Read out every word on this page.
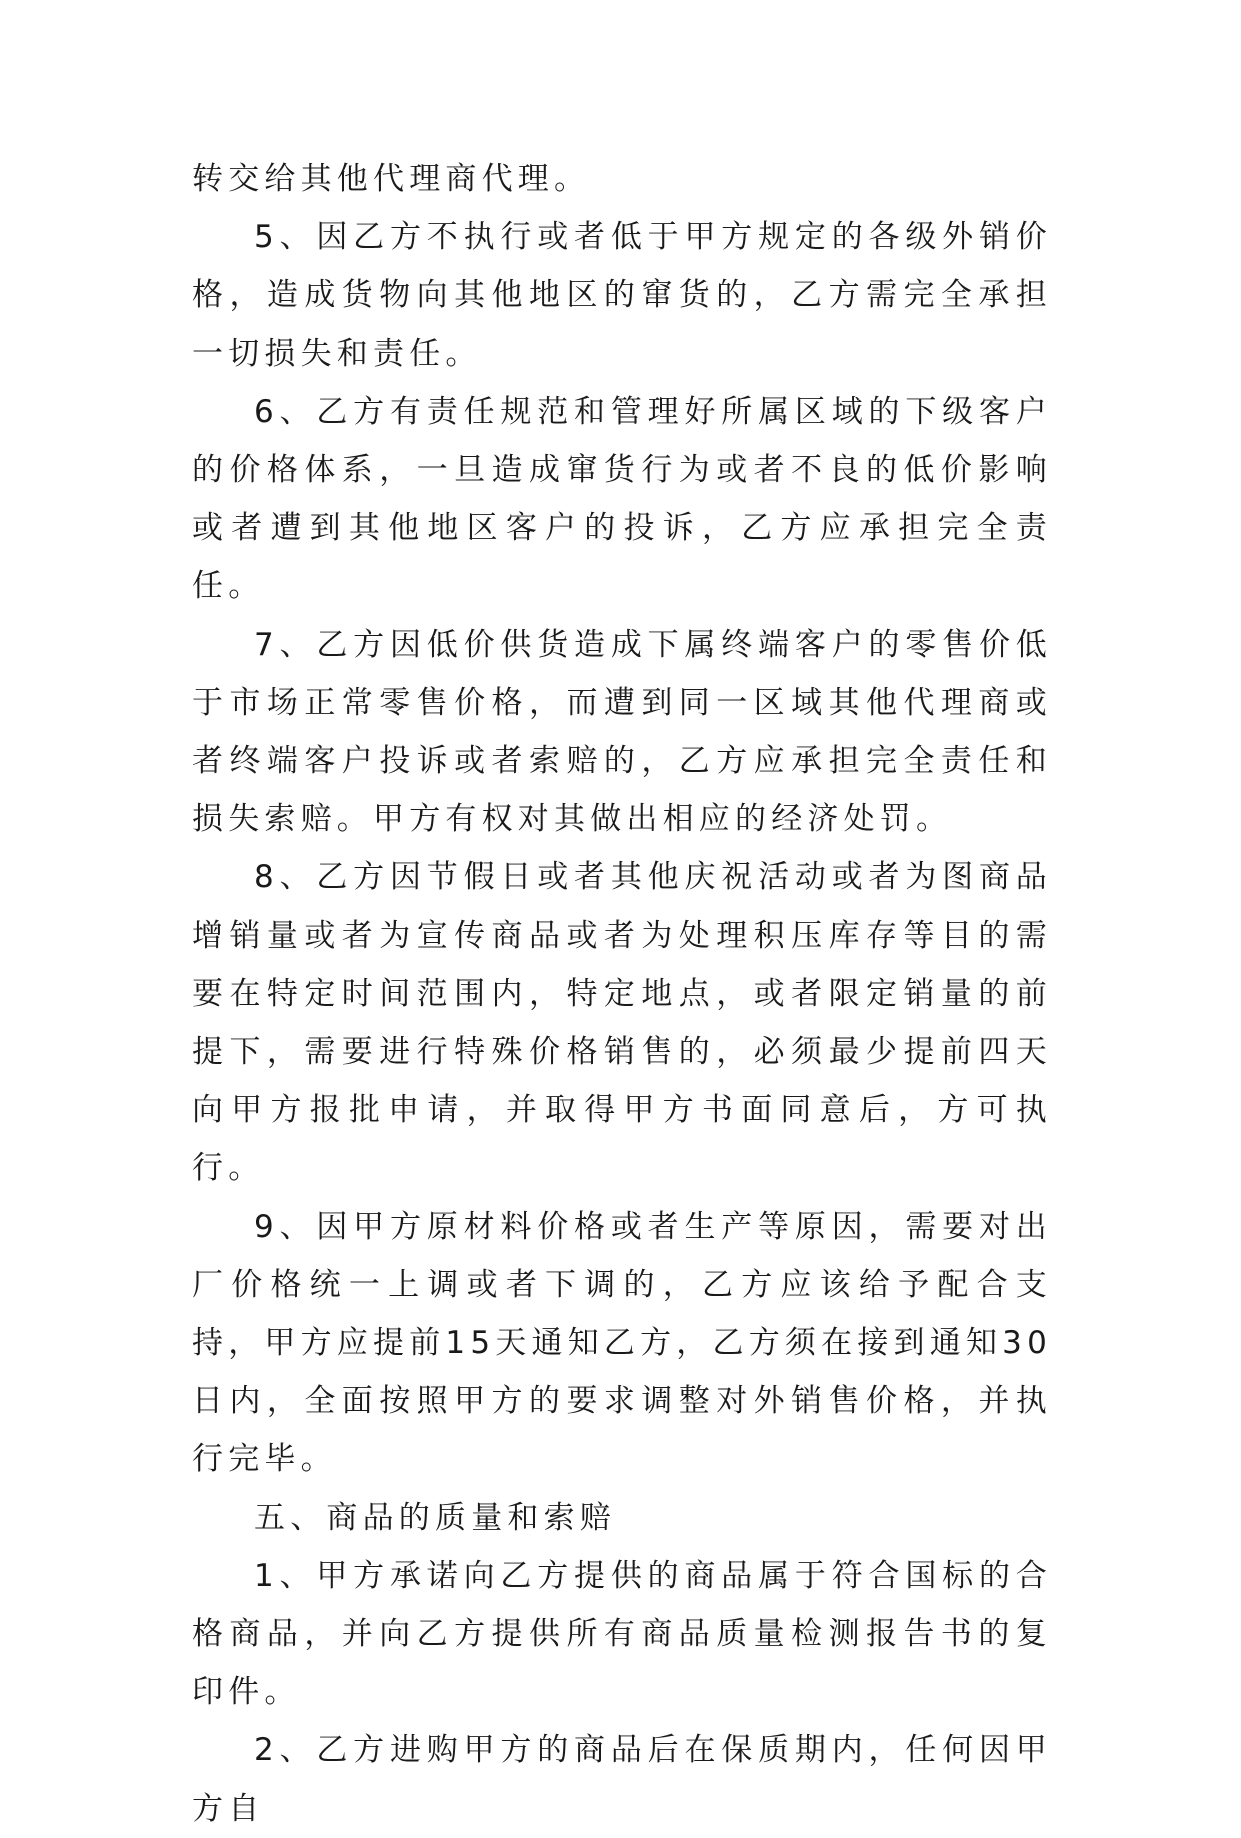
转交给其他代理商代理。

5、因乙方不执行或者低于甲方规定的各级外销价格，造成货物向其他地区的窜货的，乙方需完全承担一切损失和责任。

6、乙方有责任规范和管理好所属区域的下级客户的价格体系，一旦造成窜货行为或者不良的低价影响或者遭到其他地区客户的投诉，乙方应承担完全责任。

7、乙方因低价供货造成下属终端客户的零售价低于市场正常零售价格，而遭到同一区域其他代理商或者终端客户投诉或者索赔的，乙方应承担完全责任和损失索赔。甲方有权对其做出相应的经济处罚。

8、乙方因节假日或者其他庆祝活动或者为图商品增销量或者为宣传商品或者为处理积压库存等目的需要在特定时间范围内，特定地点，或者限定销量的前提下，需要进行特殊价格销售的，必须最少提前四天向甲方报批申请，并取得甲方书面同意后，方可执行。

9、因甲方原材料价格或者生产等原因，需要对出厂价格统一上调或者下调的，乙方应该给予配合支持，甲方应提前15天通知乙方，乙方须在接到通知30日内，全面按照甲方的要求调整对外销售价格，并执行完毕。

五、商品的质量和索赔

1、甲方承诺向乙方提供的商品属于符合国标的合格商品，并向乙方提供所有商品质量检测报告书的复印件。

2、乙方进购甲方的商品后在保质期内，任何因甲方自
